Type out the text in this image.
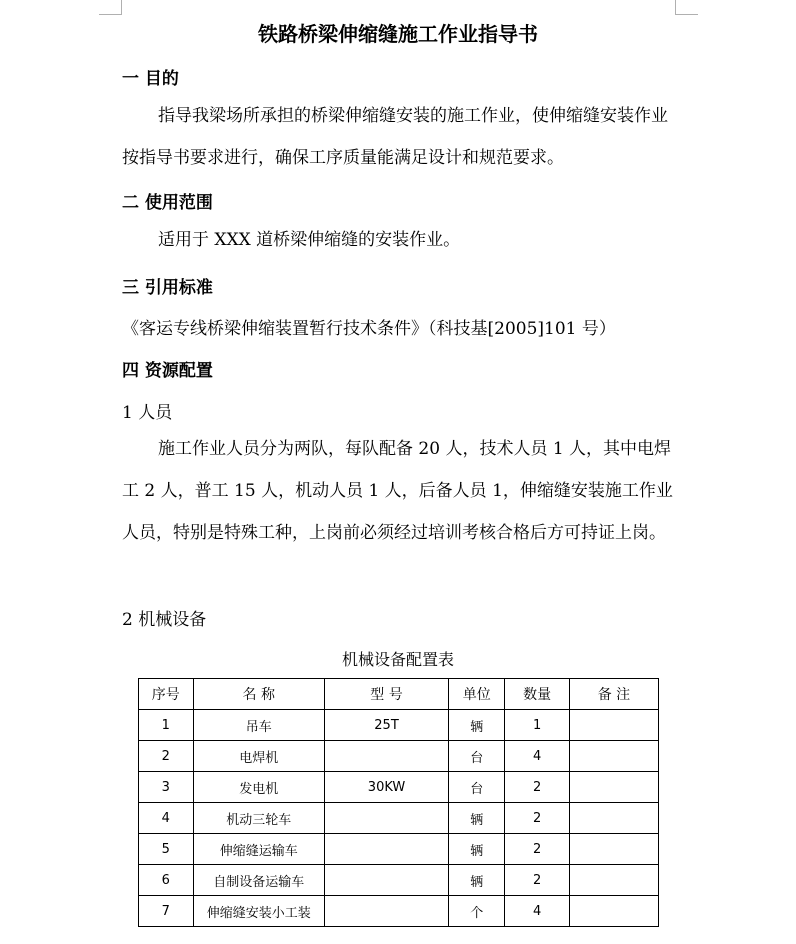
铁路桥梁伸缩缝施工作业指导书
一 目的
指导我梁场所承担的桥梁伸缩缝安装的施工作业，使伸缩缝安装作业按指导书要求进行，确保工序质量能满足设计和规范要求。
二 使用范围
适用于 XXX 道桥梁伸缩缝的安装作业。
三 引用标准
《客运专线桥梁伸缩装置暂行技术条件》（科技基[2005]101 号）
四 资源配置
1 人员
施工作业人员分为两队，每队配备 20 人，技术人员 1 人，其中电焊工 2 人，普工 15 人，机动人员 1 人，后备人员 1，伸缩缝安装施工作业人员，特别是特殊工种，上岗前必须经过培训考核合格后方可持证上岗。
2 机械设备
机械设备配置表
序号	名 称	型 号	单位	数量	备 注
1	吊车	25T	辆	1	
2	电焊机		台	4	
3	发电机	30KW	台	2	
4	机动三轮车		辆	2	
5	伸缩缝运输车		辆	2	
6	自制设备运输车		辆	2	
7	伸缩缝安装小工装		个	4	
